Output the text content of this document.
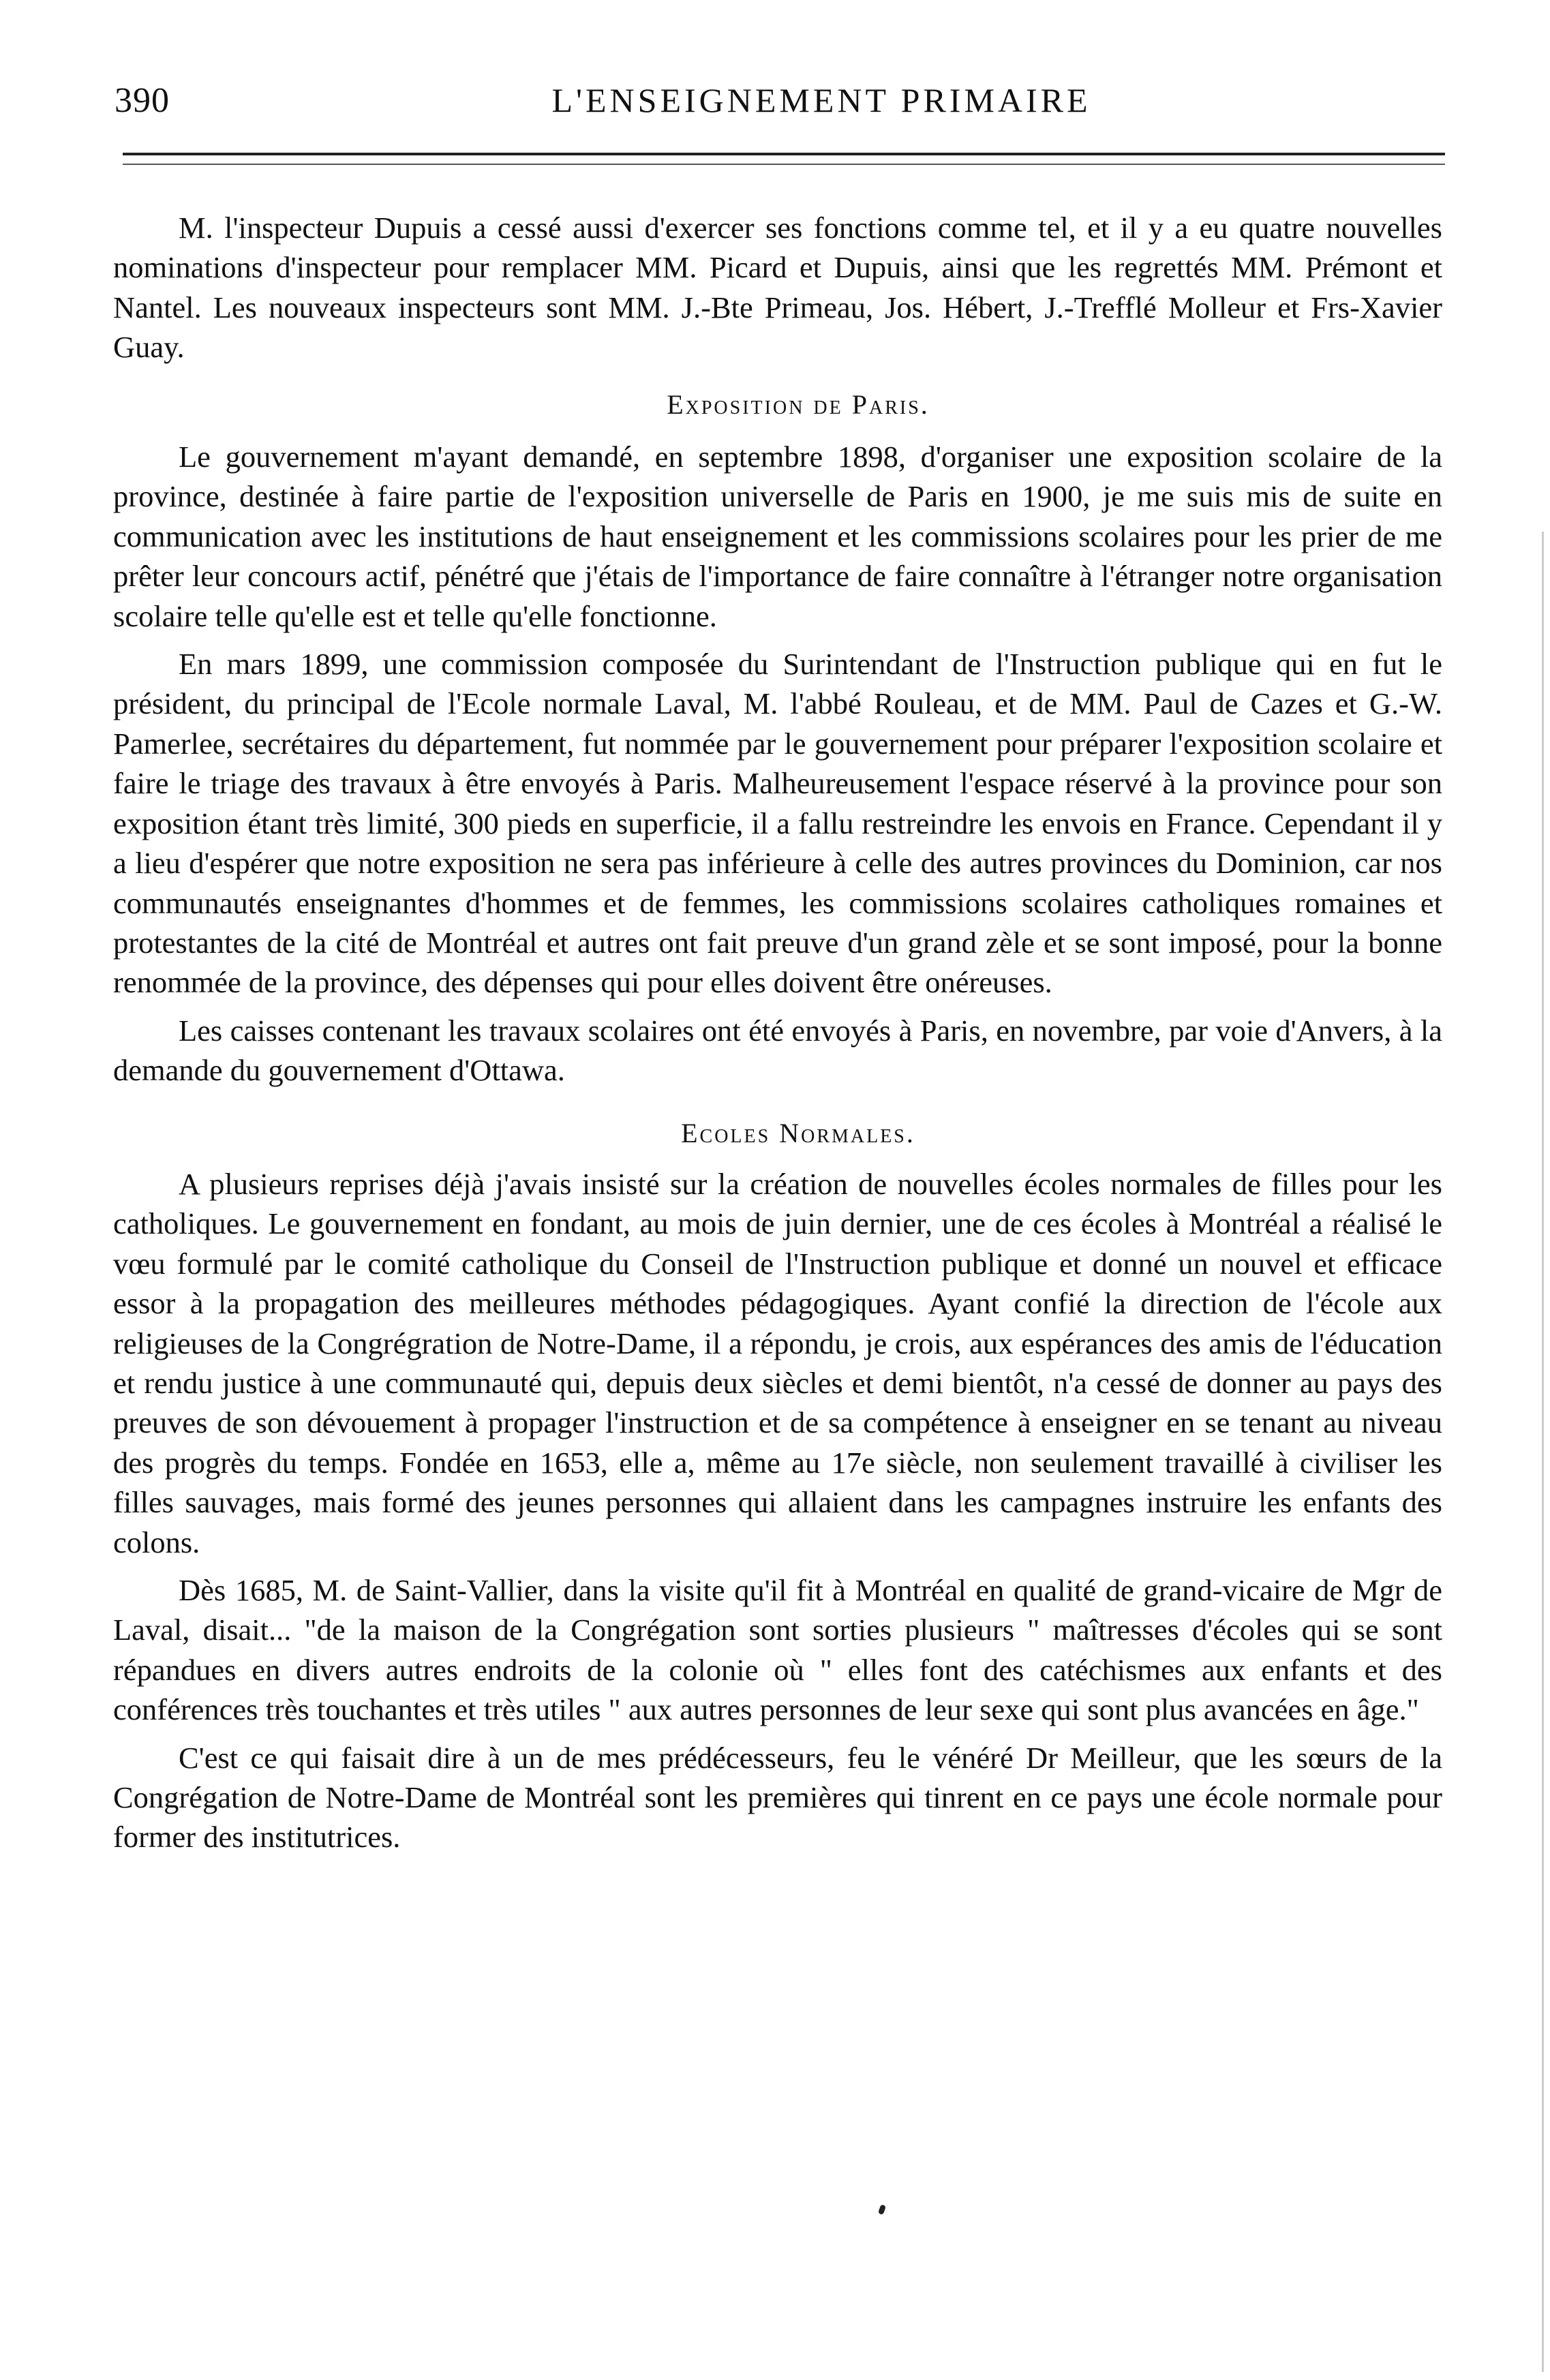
390	L'ENSEIGNEMENT PRIMAIRE

M. l'inspecteur Dupuis a cessé aussi d'exercer ses fonctions comme tel, et il y a eu quatre nouvelles nominations d'inspecteur pour remplacer MM. Picard et Dupuis, ainsi que les regrettés MM. Prémont et Nantel. Les nouveaux inspecteurs sont MM. J.-Bte Primeau, Jos. Hébert, J.-Trefflé Molleur et Frs-Xavier Guay.

Exposition de Paris.

Le gouvernement m'ayant demandé, en septembre 1898, d'organiser une exposition scolaire de la province, destinée à faire partie de l'exposition universelle de Paris en 1900, je me suis mis de suite en communication avec les institutions de haut enseignement et les commissions scolaires pour les prier de me prêter leur concours actif, pénétré que j'étais de l'importance de faire connaître à l'étranger notre organisation scolaire telle qu'elle est et telle qu'elle fonctionne.

En mars 1899, une commission composée du Surintendant de l'Instruction publique qui en fut le président, du principal de l'Ecole normale Laval, M. l'abbé Rouleau, et de MM. Paul de Cazes et G.-W. Pamerlee, secrétaires du département, fut nommée par le gouvernement pour préparer l'exposition scolaire et faire le triage des travaux à être envoyés à Paris. Malheureusement l'espace réservé à la province pour son exposition étant très limité, 300 pieds en superficie, il a fallu restreindre les envois en France. Cependant il y a lieu d'espérer que notre exposition ne sera pas inférieure à celle des autres provinces du Dominion, car nos communautés enseignantes d'hommes et de femmes, les commissions scolaires catholiques romaines et protestantes de la cité de Montréal et autres ont fait preuve d'un grand zèle et se sont imposé, pour la bonne renommée de la province, des dépenses qui pour elles doivent être onéreuses.

Les caisses contenant les travaux scolaires ont été envoyés à Paris, en novembre, par voie d'Anvers, à la demande du gouvernement d'Ottawa.

Ecoles Normales.

A plusieurs reprises déjà j'avais insisté sur la création de nouvelles écoles normales de filles pour les catholiques. Le gouvernement en fondant, au mois de juin dernier, une de ces écoles à Montréal a réalisé le vœu formulé par le comité catholique du Conseil de l'Instruction publique et donné un nouvel et efficace essor à la propagation des meilleures méthodes pédagogiques. Ayant confié la direction de l'école aux religieuses de la Congrégration de Notre-Dame, il a répondu, je crois, aux espérances des amis de l'éducation et rendu justice à une communauté qui, depuis deux siècles et demi bientôt, n'a cessé de donner au pays des preuves de son dévouement à propager l'instruction et de sa compétence à enseigner en se tenant au niveau des progrès du temps. Fondée en 1653, elle a, même au 17e siècle, non seulement travaillé à civiliser les filles sauvages, mais formé des jeunes personnes qui allaient dans les campagnes instruire les enfants des colons.

Dès 1685, M. de Saint-Vallier, dans la visite qu'il fit à Montréal en qualité de grand-vicaire de Mgr de Laval, disait... "de la maison de la Congrégation sont sorties plusieurs " maîtresses d'écoles qui se sont répandues en divers autres endroits de la colonie où " elles font des catéchismes aux enfants et des conférences très touchantes et très utiles " aux autres personnes de leur sexe qui sont plus avancées en âge."

C'est ce qui faisait dire à un de mes prédécesseurs, feu le vénéré Dr Meilleur, que les sœurs de la Congrégation de Notre-Dame de Montréal sont les premières qui tinrent en ce pays une école normale pour former des institutrices.
